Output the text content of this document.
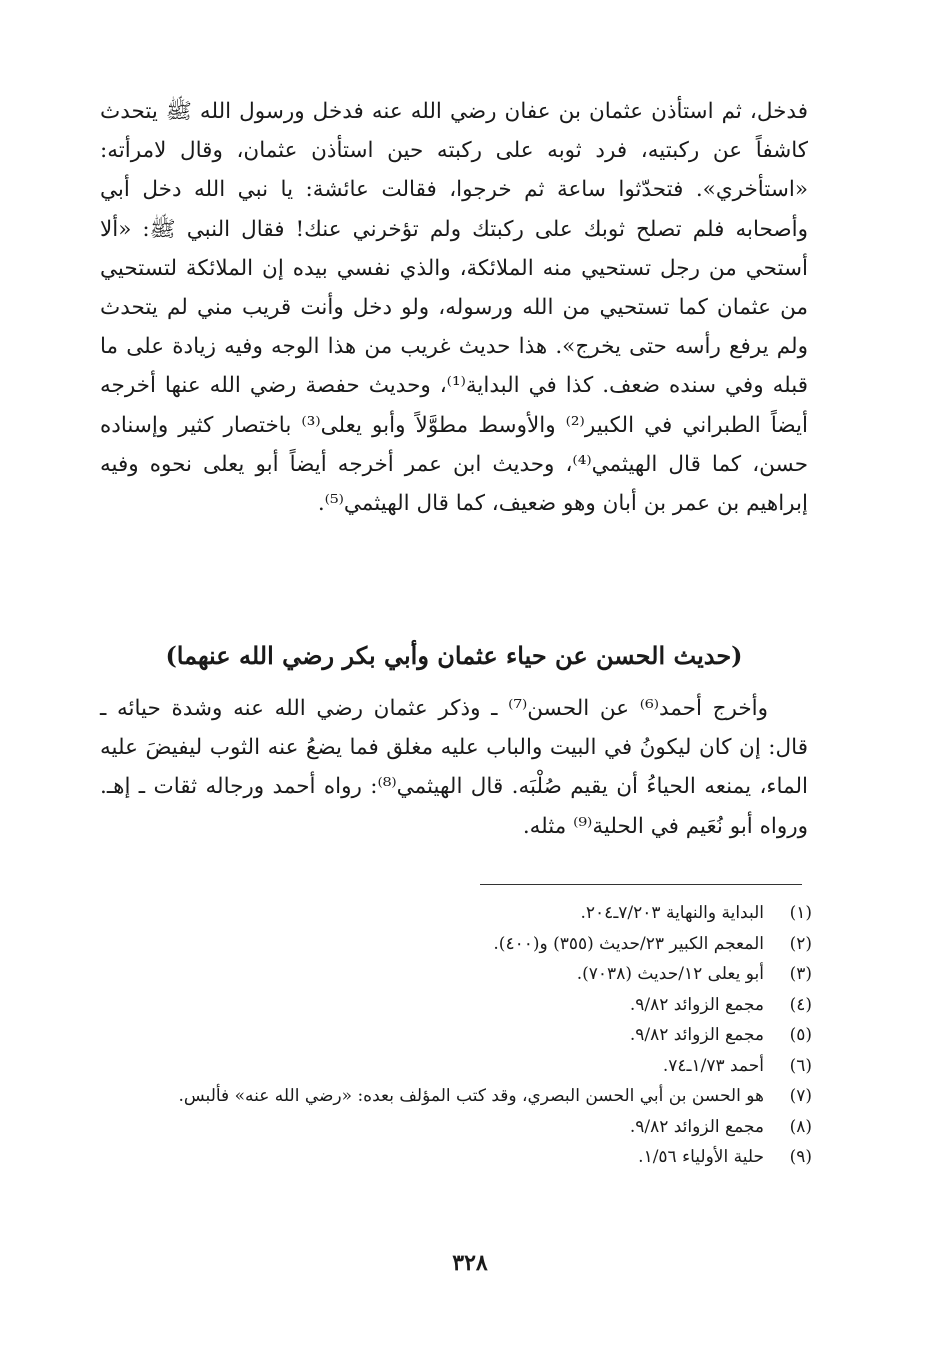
فدخل، ثم استأذن عثمان بن عفان رضي الله عنه فدخل ورسول الله ﷺ يتحدث كاشفاً عن ركبتيه، فرد ثوبه على ركبته حين استأذن عثمان، وقال لامرأته: «استأخري». فتحدّثوا ساعة ثم خرجوا، فقالت عائشة: يا نبي الله دخل أبي وأصحابه فلم تصلح ثوبك على ركبتك ولم تؤخرني عنك! فقال النبي ﷺ: «ألا أستحي من رجل تستحيي منه الملائكة، والذي نفسي بيده إن الملائكة لتستحيي من عثمان كما تستحيي من الله ورسوله، ولو دخل وأنت قريب مني لم يتحدث ولم يرفع رأسه حتى يخرج». هذا حديث غريب من هذا الوجه وفيه زيادة على ما قبله وفي سنده ضعف. كذا في البداية⁽¹⁾، وحديث حفصة رضي الله عنها أخرجه أيضاً الطبراني في الكبير⁽²⁾ والأوسط مطوَّلاً وأبو يعلى⁽³⁾ باختصار كثير وإسناده حسن، كما قال الهيثمي⁽⁴⁾، وحديث ابن عمر أخرجه أيضاً أبو يعلى نحوه وفيه إبراهيم بن عمر بن أبان وهو ضعيف، كما قال الهيثمي⁽⁵⁾.

(حديث الحسن عن حياء عثمان وأبي بكر رضي الله عنهما)

وأخرج أحمد⁽⁶⁾ عن الحسن⁽⁷⁾ ـ وذكر عثمان رضي الله عنه وشدة حيائه ـ قال: إن كان ليكونُ في البيت والباب عليه مغلق فما يضعُ عنه الثوب ليفيضَ عليه الماء، يمنعه الحياءُ أن يقيم صُلْبَه. قال الهيثمي⁽⁸⁾: رواه أحمد ورجاله ثقات ـ إهـ. ورواه أبو نُعَيم في الحلية⁽⁹⁾ مثله.

(١)
البداية والنهاية ٧/٢٠٣ـ٢٠٤.
(٢)
المعجم الكبير ٢٣/حديث (٣٥٥) و(٤٠٠).
(٣)
أبو يعلى ١٢/حديث (٧٠٣٨).
(٤)
مجمع الزوائد ٩/٨٢.
(٥)
مجمع الزوائد ٩/٨٢.
(٦)
أحمد ١/٧٣ـ٧٤.
(٧)
هو الحسن بن أبي الحسن البصري، وقد كتب المؤلف بعده: «رضي الله عنه» فألبس.
(٨)
مجمع الزوائد ٩/٨٢.
(٩)
حلية الأولياء ١/٥٦.
٣٢٨
